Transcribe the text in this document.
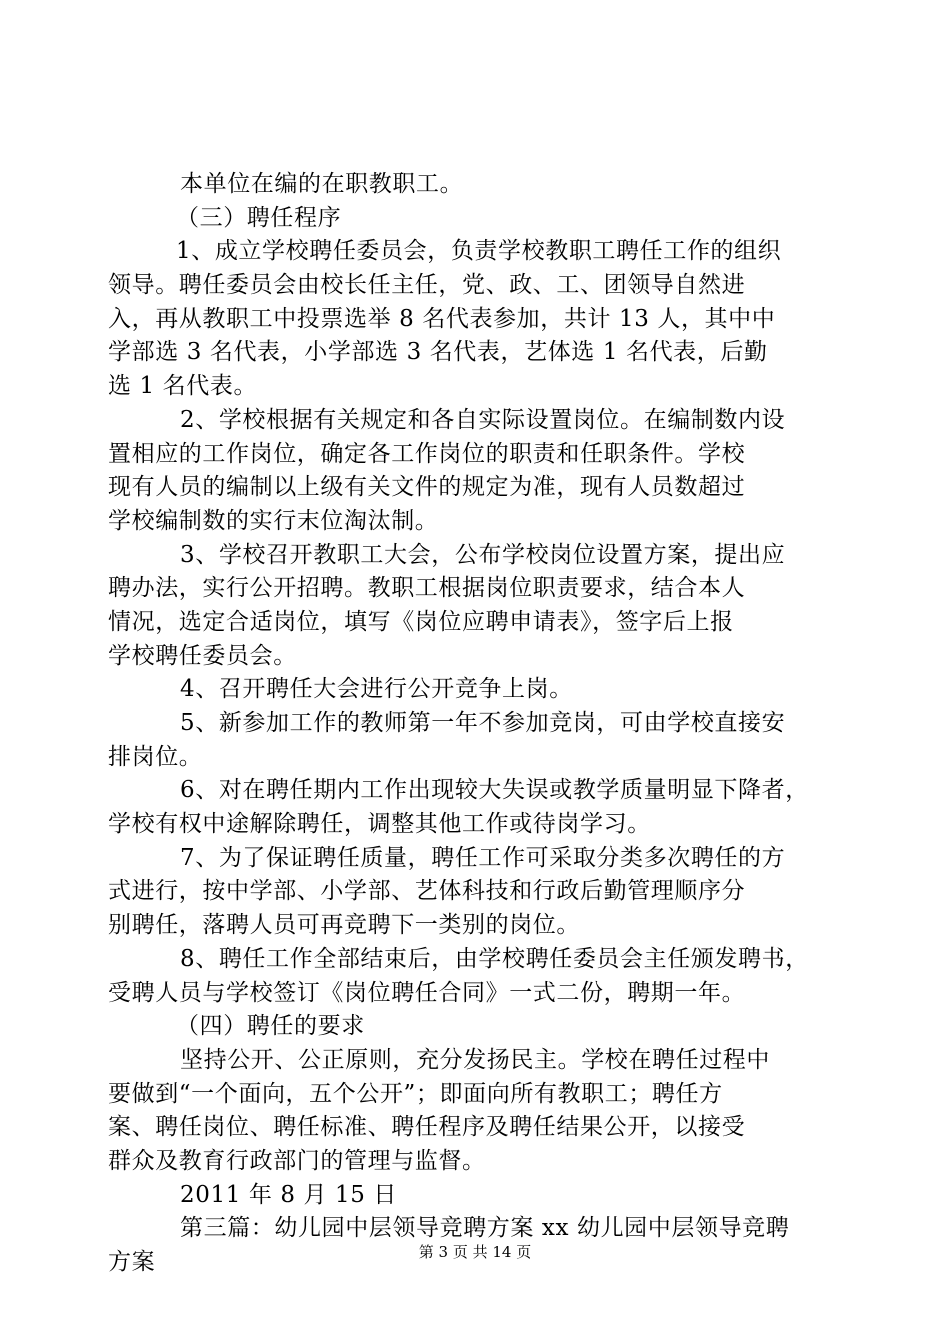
本单位在编的在职教职工。
（三）聘任程序
1、成立学校聘任委员会，负责学校教职工聘任工作的组织
领导。聘任委员会由校长任主任，党、政、工、团领导自然进
入，再从教职工中投票选举 8 名代表参加，共计 13 人，其中中
学部选 3 名代表，小学部选 3 名代表，艺体选 1 名代表，后勤
选 1 名代表。
2、学校根据有关规定和各自实际设置岗位。在编制数内设
置相应的工作岗位，确定各工作岗位的职责和任职条件。学校
现有人员的编制以上级有关文件的规定为准，现有人员数超过
学校编制数的实行末位淘汰制。
3、学校召开教职工大会，公布学校岗位设置方案，提出应
聘办法，实行公开招聘。教职工根据岗位职责要求，结合本人
情况，选定合适岗位，填写《岗位应聘申请表》，签字后上报
学校聘任委员会。
4、召开聘任大会进行公开竞争上岗。
5、新参加工作的教师第一年不参加竞岗，可由学校直接安
排岗位。
6、对在聘任期内工作出现较大失误或教学质量明显下降者，
学校有权中途解除聘任，调整其他工作或待岗学习。
7、为了保证聘任质量，聘任工作可采取分类多次聘任的方
式进行，按中学部、小学部、艺体科技和行政后勤管理顺序分
别聘任，落聘人员可再竞聘下一类别的岗位。
8、聘任工作全部结束后，由学校聘任委员会主任颁发聘书，
受聘人员与学校签订《岗位聘任合同》一式二份，聘期一年。
（四）聘任的要求
坚持公开、公正原则，充分发扬民主。学校在聘任过程中
要做到“一个面向，五个公开”；即面向所有教职工；聘任方
案、聘任岗位、聘任标准、聘任程序及聘任结果公开，以接受
群众及教育行政部门的管理与监督。
2011 年 8 月 15 日
第三篇：幼儿园中层领导竞聘方案 xx 幼儿园中层领导竞聘
方案	第 3 页 共 14 页
